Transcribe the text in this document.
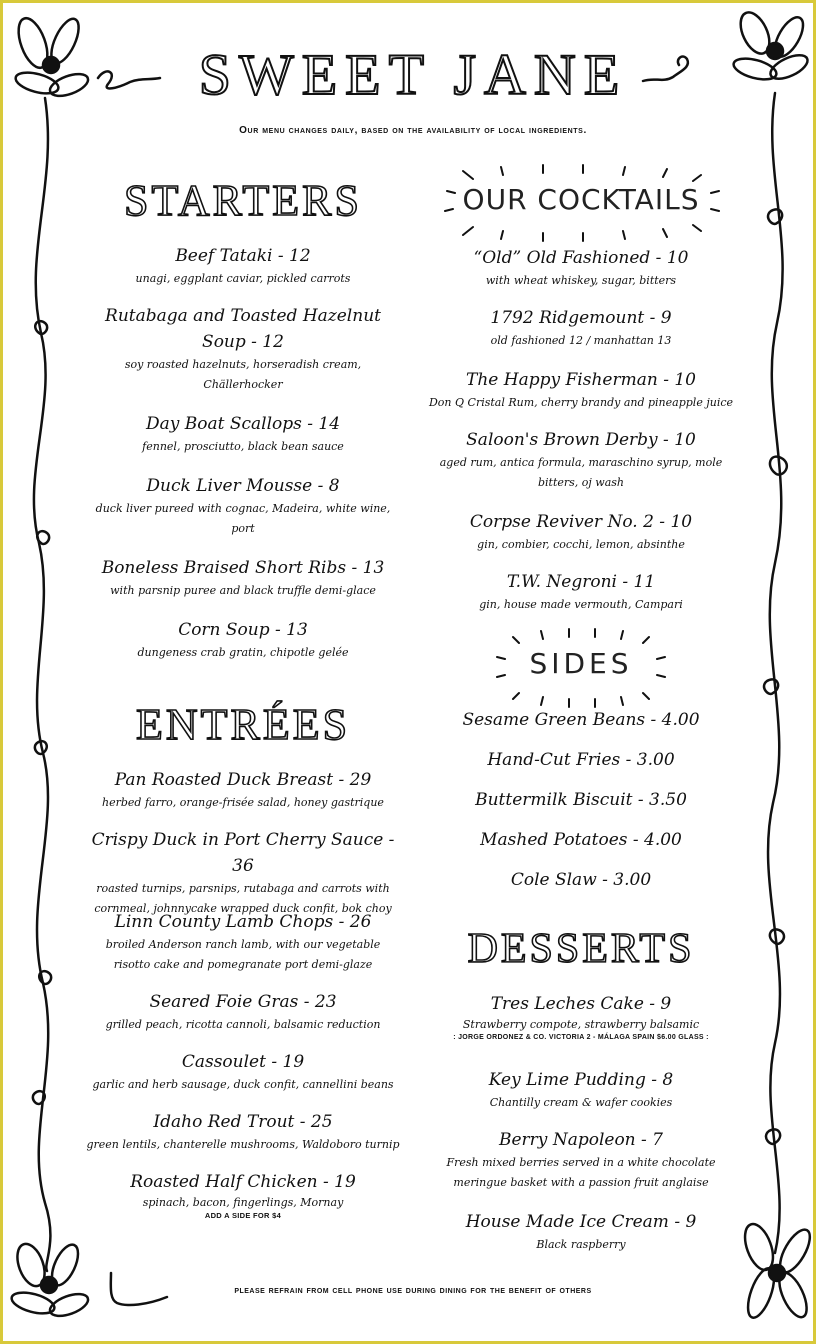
SWEET JANE
Our menu changes daily, based on the availability of local ingredients.
STARTERS
Beef Tataki - 12
unagi, eggplant caviar, pickled carrots
Rutabaga and Toasted Hazelnut Soup - 12
soy roasted hazelnuts, horseradish cream, Chällerhocker
Day Boat Scallops - 14
fennel, prosciutto, black bean sauce
Duck Liver Mousse - 8
duck liver pureed with cognac, Madeira, white wine, port
Boneless Braised Short Ribs - 13
with parsnip puree and black truffle demi-glace
Corn Soup - 13
dungeness crab gratin, chipotle gelée
ENTRÉES
Pan Roasted Duck Breast - 29
herbed farro, orange-frisée salad, honey gastrique
Crispy Duck in Port Cherry Sauce - 36
roasted turnips, parsnips, rutabaga and carrots with cornmeal, johnnycake wrapped duck confit, bok choy
Linn County Lamb Chops - 26
broiled Anderson ranch lamb, with our vegetable risotto cake and pomegranate port demi-glaze
Seared Foie Gras - 23
grilled peach, ricotta cannoli, balsamic reduction
Cassoulet - 19
garlic and herb sausage, duck confit, cannellini beans
Idaho Red Trout - 25
green lentils, chanterelle mushrooms, Waldoboro turnip
Roasted Half Chicken - 19
spinach, bacon, fingerlings, Mornay
ADD A SIDE FOR $4
OUR COCKTAILS
“Old” Old Fashioned - 10
with wheat whiskey, sugar, bitters
1792 Ridgemount - 9
old fashioned 12 / manhattan 13
The Happy Fisherman - 10
Don Q Cristal Rum, cherry brandy and pineapple juice
Saloon's Brown Derby - 10
aged rum, antica formula, maraschino syrup, mole bitters, oj wash
Corpse Reviver No. 2 - 10
gin, combier, cocchi, lemon, absinthe
T.W. Negroni - 11
gin, house made vermouth, Campari
SIDES
Sesame Green Beans - 4.00
Hand-Cut Fries - 3.00
Buttermilk Biscuit - 3.50
Mashed Potatoes - 4.00
Cole Slaw - 3.00
DESSERTS
Tres Leches Cake - 9
Strawberry compote, strawberry balsamic
: JORGE ORDONEZ & CO. VICTORIA 2 - MÁLAGA SPAIN $6.00 GLASS :
Key Lime Pudding - 8
Chantilly cream & wafer cookies
Berry Napoleon - 7
Fresh mixed berries served in a white chocolate meringue basket with a passion fruit anglaise
House Made Ice Cream - 9
Black raspberry
please refrain from cell phone use during dining for the benefit of others
